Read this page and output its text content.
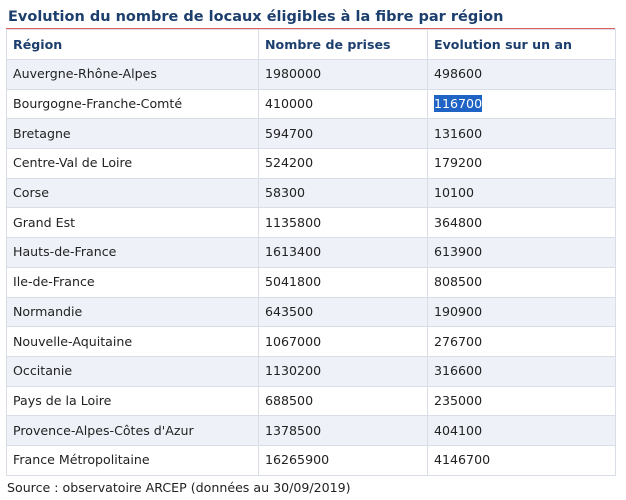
Evolution du nombre de locaux éligibles à la fibre par région
Région	Nombre de prises	Evolution sur un an
Auvergne-Rhône-Alpes	1980000	498600
Bourgogne-Franche-Comté	410000	116700
Bretagne	594700	131600
Centre-Val de Loire	524200	179200
Corse	58300	10100
Grand Est	1135800	364800
Hauts-de-France	1613400	613900
Ile-de-France	5041800	808500
Normandie	643500	190900
Nouvelle-Aquitaine	1067000	276700
Occitanie	1130200	316600
Pays de la Loire	688500	235000
Provence-Alpes-Côtes d'Azur	1378500	404100
France Métropolitaine	16265900	4146700
Source : observatoire ARCEP (données au 30/09/2019)
